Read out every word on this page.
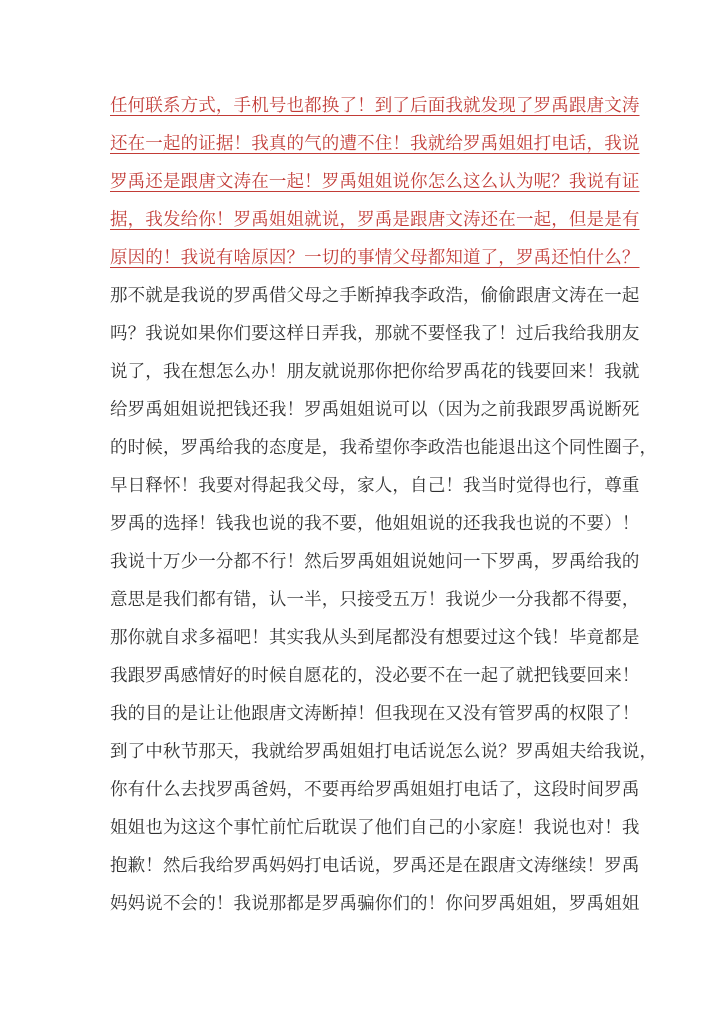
任何联系方式，手机号也都换了！到了后面我就发现了罗禹跟唐文涛
还在一起的证据！我真的气的遭不住！我就给罗禹姐姐打电话，我说
罗禹还是跟唐文涛在一起！罗禹姐姐说你怎么这么认为呢？我说有证
据，我发给你！罗禹姐姐就说，罗禹是跟唐文涛还在一起，但是是有
原因的！我说有啥原因？一切的事情父母都知道了，罗禹还怕什么？
那不就是我说的罗禹借父母之手断掉我李政浩，偷偷跟唐文涛在一起
吗？我说如果你们要这样日弄我，那就不要怪我了！过后我给我朋友
说了，我在想怎么办！朋友就说那你把你给罗禹花的钱要回来！我就
给罗禹姐姐说把钱还我！罗禹姐姐说可以（因为之前我跟罗禹说断死
的时候，罗禹给我的态度是，我希望你李政浩也能退出这个同性圈子，
早日释怀！我要对得起我父母，家人，自己！我当时觉得也行，尊重
罗禹的选择！钱我也说的我不要，他姐姐说的还我我也说的不要）！
我说十万少一分都不行！然后罗禹姐姐说她问一下罗禹，罗禹给我的
意思是我们都有错，认一半，只接受五万！我说少一分我都不得要，
那你就自求多福吧！其实我从头到尾都没有想要过这个钱！毕竟都是
我跟罗禹感情好的时候自愿花的，没必要不在一起了就把钱要回来！
我的目的是让让他跟唐文涛断掉！但我现在又没有管罗禹的权限了！
到了中秋节那天，我就给罗禹姐姐打电话说怎么说？罗禹姐夫给我说，
你有什么去找罗禹爸妈，不要再给罗禹姐姐打电话了，这段时间罗禹
姐姐也为这这个事忙前忙后耽误了他们自己的小家庭！我说也对！我
抱歉！然后我给罗禹妈妈打电话说，罗禹还是在跟唐文涛继续！罗禹
妈妈说不会的！我说那都是罗禹骗你们的！你问罗禹姐姐，罗禹姐姐
